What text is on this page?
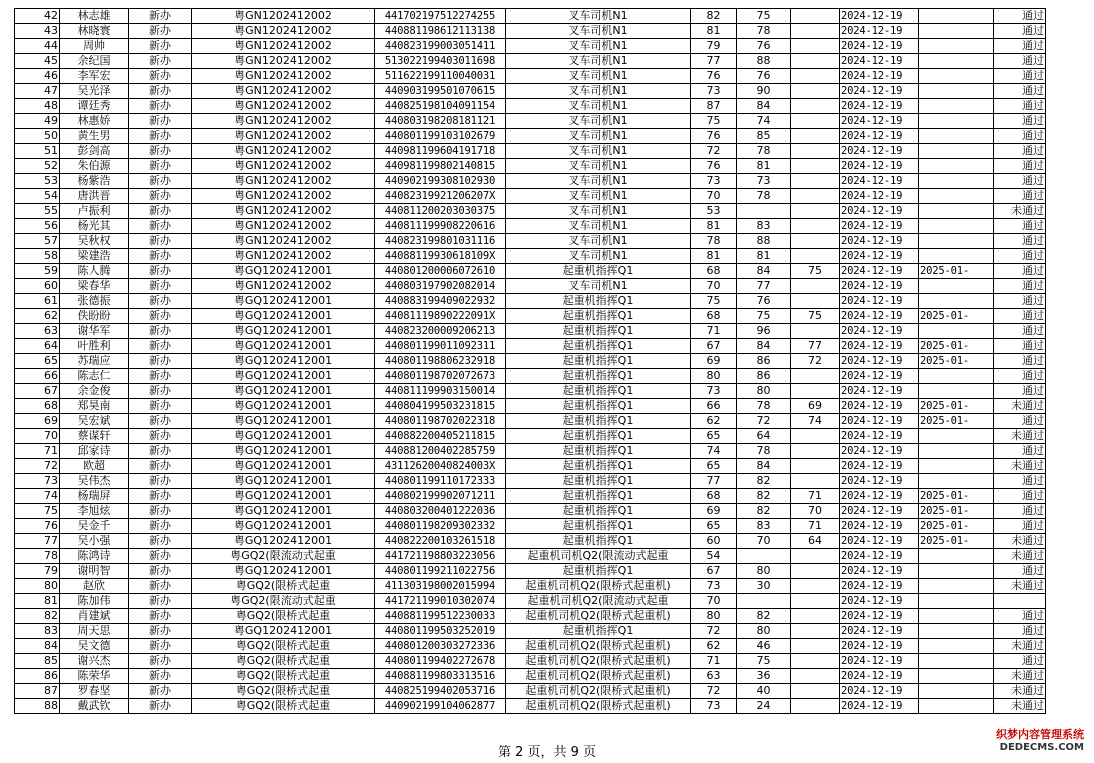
42	林志雄	新办	粤GN1202412002	441702197512274255	叉车司机N1	82	75		2024-12-19		通过
43	林晓寰	新办	粤GN1202412002	440881198612113138	叉车司机N1	81	78		2024-12-19		通过
44	周帅	新办	粤GN1202412002	440823199003051411	叉车司机N1	79	76		2024-12-19		通过
45	余纪国	新办	粤GN1202412002	513022199403011698	叉车司机N1	77	88		2024-12-19		通过
46	李军宏	新办	粤GN1202412002	511622199110040031	叉车司机N1	76	76		2024-12-19		通过
47	吴光泽	新办	粤GN1202412002	440903199501070615	叉车司机N1	73	90		2024-12-19		通过
48	谭廷秀	新办	粤GN1202412002	440825198104091154	叉车司机N1	87	84		2024-12-19		通过
49	林惠娇	新办	粤GN1202412002	440803198208181121	叉车司机N1	75	74		2024-12-19		通过
50	黄生男	新办	粤GN1202412002	440801199103102679	叉车司机N1	76	85		2024-12-19		通过
51	彭剑高	新办	粤GN1202412002	440981199604191718	叉车司机N1	72	78		2024-12-19		通过
52	朱伯源	新办	粤GN1202412002	440981199802140815	叉车司机N1	76	81		2024-12-19		通过
53	杨紫浩	新办	粤GN1202412002	440902199308102930	叉车司机N1	73	73		2024-12-19		通过
54	唐洪晋	新办	粤GN1202412002	44082319921206207X	叉车司机N1	70	78		2024-12-19		通过
55	卢振利	新办	粤GN1202412002	440811200203030375	叉车司机N1	53			2024-12-19		未通过
56	杨光其	新办	粤GN1202412002	440811199908220616	叉车司机N1	81	83		2024-12-19		通过
57	吴秋权	新办	粤GN1202412002	440823199801031116	叉车司机N1	78	88		2024-12-19		通过
58	梁建浩	新办	粤GN1202412002	44088119930618109X	叉车司机N1	81	81		2024-12-19		通过
59	陈人腾	新办	粤GQ1202412001	440801200006072610	起重机指挥Q1	68	84	75	2024-12-19	2025-01-	通过
60	梁春华	新办	粤GN1202412002	440803197902082014	叉车司机N1	70	77		2024-12-19		通过
61	张德振	新办	粤GQ1202412001	440883199409022932	起重机指挥Q1	75	76		2024-12-19		通过
62	佚盼盼	新办	粤GQ1202412001	44081119890222091X	起重机指挥Q1	68	75	75	2024-12-19	2025-01-	通过
63	谢华军	新办	粤GQ1202412001	440823200009206213	起重机指挥Q1	71	96		2024-12-19		通过
64	叶胜利	新办	粤GQ1202412001	440801199011092311	起重机指挥Q1	67	84	77	2024-12-19	2025-01-	通过
65	苏瑞应	新办	粤GQ1202412001	440801198806232918	起重机指挥Q1	69	86	72	2024-12-19	2025-01-	通过
66	陈志仁	新办	粤GQ1202412001	440801198702072673	起重机指挥Q1	80	86		2024-12-19		通过
67	余金俊	新办	粤GQ1202412001	440811199903150014	起重机指挥Q1	73	80		2024-12-19		通过
68	郑昊南	新办	粤GQ1202412001	440804199503231815	起重机指挥Q1	66	78	69	2024-12-19	2025-01-	未通过
69	吴宏斌	新办	粤GQ1202412001	440801198702022318	起重机指挥Q1	62	72	74	2024-12-19	2025-01-	通过
70	蔡谋轩	新办	粤GQ1202412001	440882200405211815	起重机指挥Q1	65	64		2024-12-19		未通过
71	邱家诗	新办	粤GQ1202412001	440881200402285759	起重机指挥Q1	74	78		2024-12-19		通过
72	欧超	新办	粤GQ1202412001	43112620040824003X	起重机指挥Q1	65	84		2024-12-19		未通过
73	吴伟杰	新办	粤GQ1202412001	440801199110172333	起重机指挥Q1	77	82		2024-12-19		通过
74	杨瑞屏	新办	粤GQ1202412001	440802199902071211	起重机指挥Q1	68	82	71	2024-12-19	2025-01-	通过
75	李旭炫	新办	粤GQ1202412001	440803200401222036	起重机指挥Q1	69	82	70	2024-12-19	2025-01-	通过
76	吴金千	新办	粤GQ1202412001	440801198209302332	起重机指挥Q1	65	83	71	2024-12-19	2025-01-	通过
77	吴小强	新办	粤GQ1202412001	440822200103261518	起重机指挥Q1	60	70	64	2024-12-19	2025-01-	未通过
78	陈鸿诗	新办	粤GQ2(限流动式起重	441721198803223056	起重机司机Q2(限流动式起重	54			2024-12-19		未通过
79	谢明智	新办	粤GQ1202412001	440801199211022756	起重机指挥Q1	67	80		2024-12-19		通过
80	赵欣	新办	粤GQ2(限桥式起重	411303198002015994	起重机司机Q2(限桥式起重机)	73	30		2024-12-19		未通过
81	陈加伟	新办	粤GQ2(限流动式起重	441721199010302074	起重机司机Q2(限流动式起重	70			2024-12-19		
82	肖建斌	新办	粤GQ2(限桥式起重	440881199512230033	起重机司机Q2(限桥式起重机)	80	82		2024-12-19		通过
83	周天思	新办	粤GQ1202412001	440801199503252019	起重机指挥Q1	72	80		2024-12-19		通过
84	吴文德	新办	粤GQ2(限桥式起重	440801200303272336	起重机司机Q2(限桥式起重机)	62	46		2024-12-19		未通过
85	谢兴杰	新办	粤GQ2(限桥式起重	440801199402272678	起重机司机Q2(限桥式起重机)	71	75		2024-12-19		通过
86	陈荣华	新办	粤GQ2(限桥式起重	440881199803313516	起重机司机Q2(限桥式起重机)	63	36		2024-12-19		未通过
87	罗春坚	新办	粤GQ2(限桥式起重	440825199402053716	起重机司机Q2(限桥式起重机)	72	40		2024-12-19		未通过
88	戴武钦	新办	粤GQ2(限桥式起重	440902199104062877	起重机司机Q2(限桥式起重机)	73	24		2024-12-19		未通过
第 2 页，共 9 页
织梦内容管理系统
DEDECMS.COM
